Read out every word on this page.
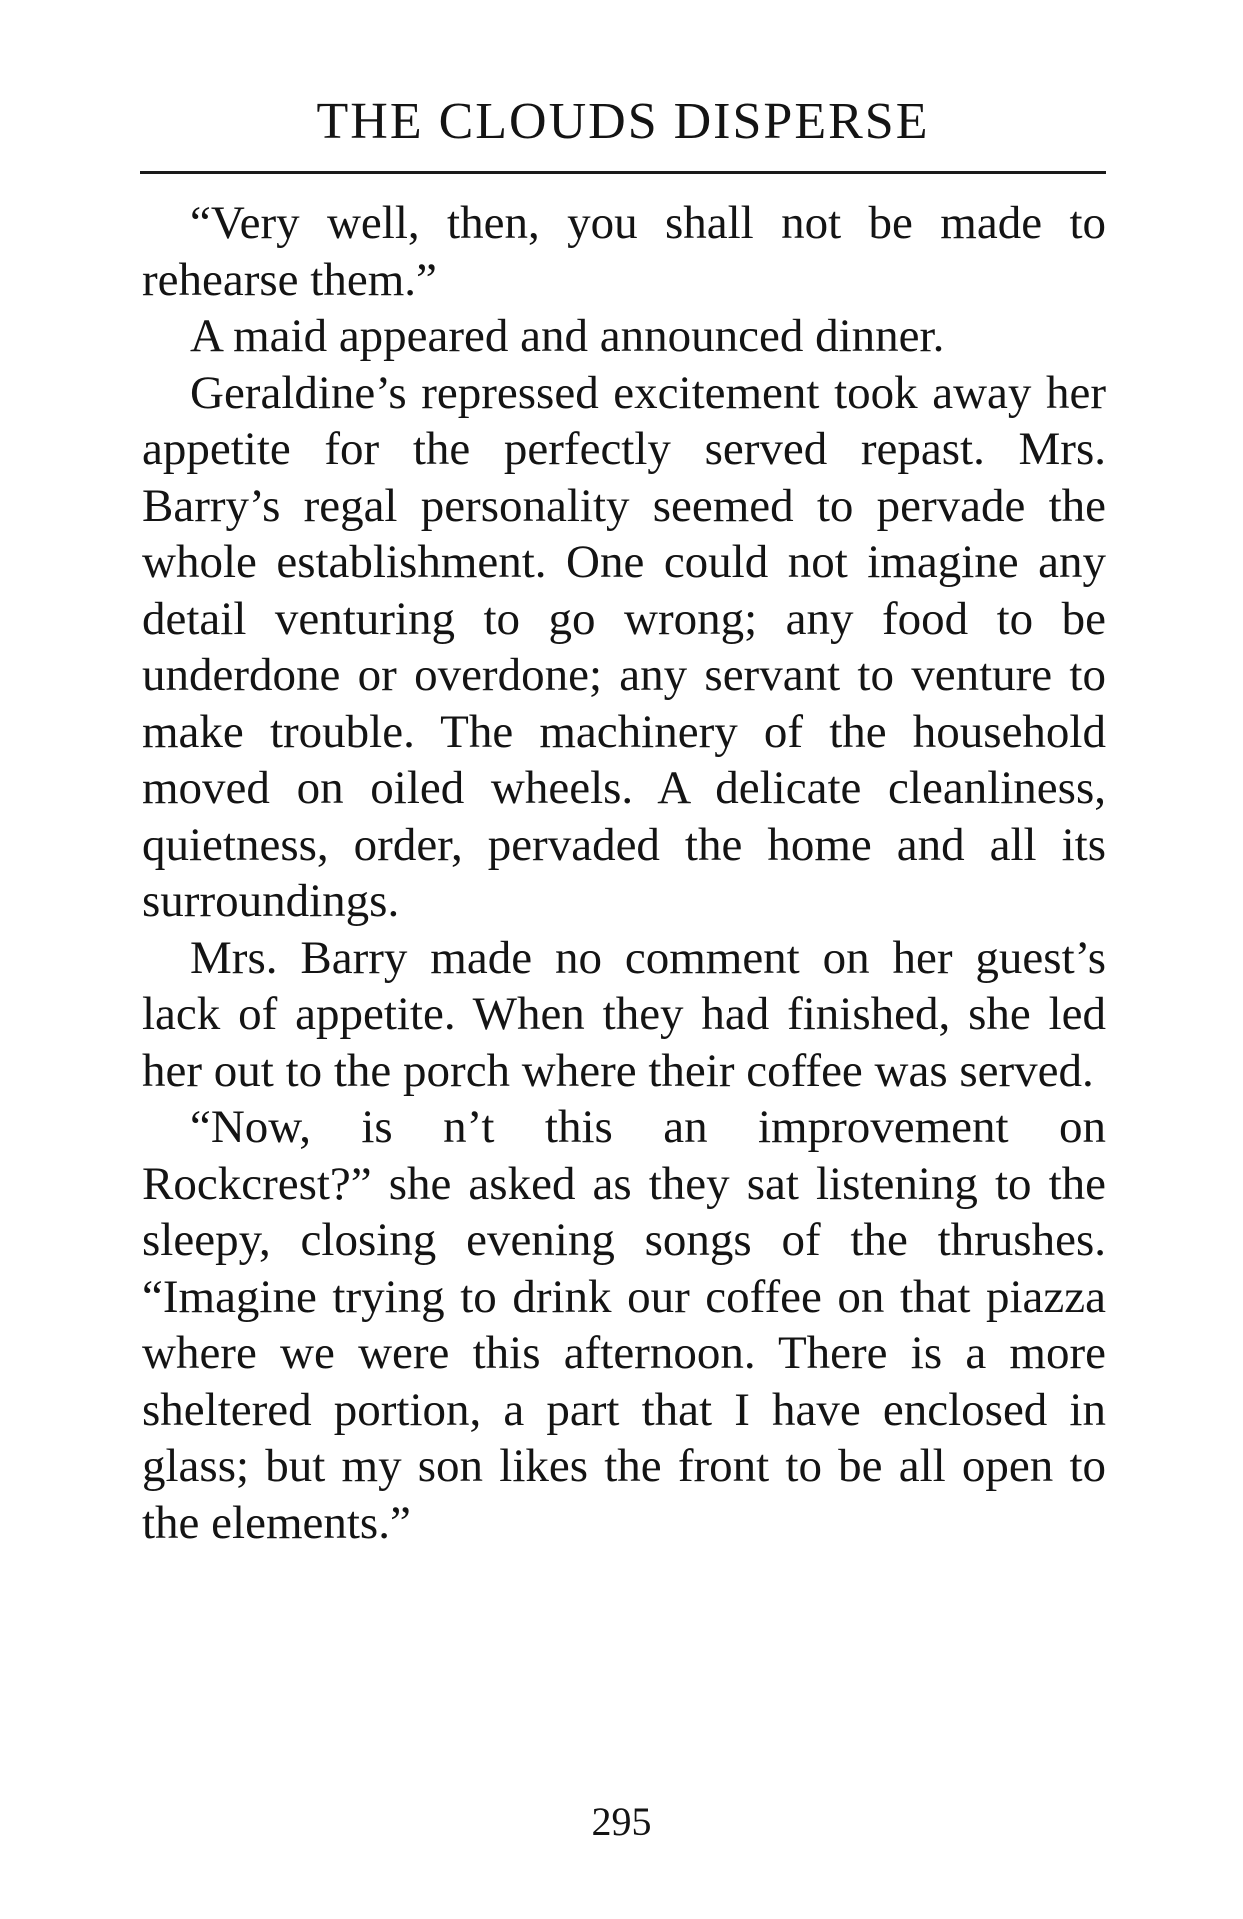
THE CLOUDS DISPERSE

“Very well, then, you shall not be made to rehearse them.”

A maid appeared and announced dinner.

Geraldine’s repressed excitement took away her appetite for the perfectly served repast. Mrs. Barry’s regal personality seemed to pervade the whole establishment. One could not imagine any detail venturing to go wrong; any food to be underdone or overdone; any servant to venture to make trouble. The machinery of the household moved on oiled wheels. A delicate cleanliness, quietness, order, pervaded the home and all its surroundings.

Mrs. Barry made no comment on her guest’s lack of appetite. When they had finished, she led her out to the porch where their coffee was served.

“Now, is n’t this an improvement on Rockcrest?” she asked as they sat listening to the sleepy, closing evening songs of the thrushes. “Imagine trying to drink our coffee on that piazza where we were this afternoon. There is a more sheltered portion, a part that I have enclosed in glass; but my son likes the front to be all open to the elements.”

295
